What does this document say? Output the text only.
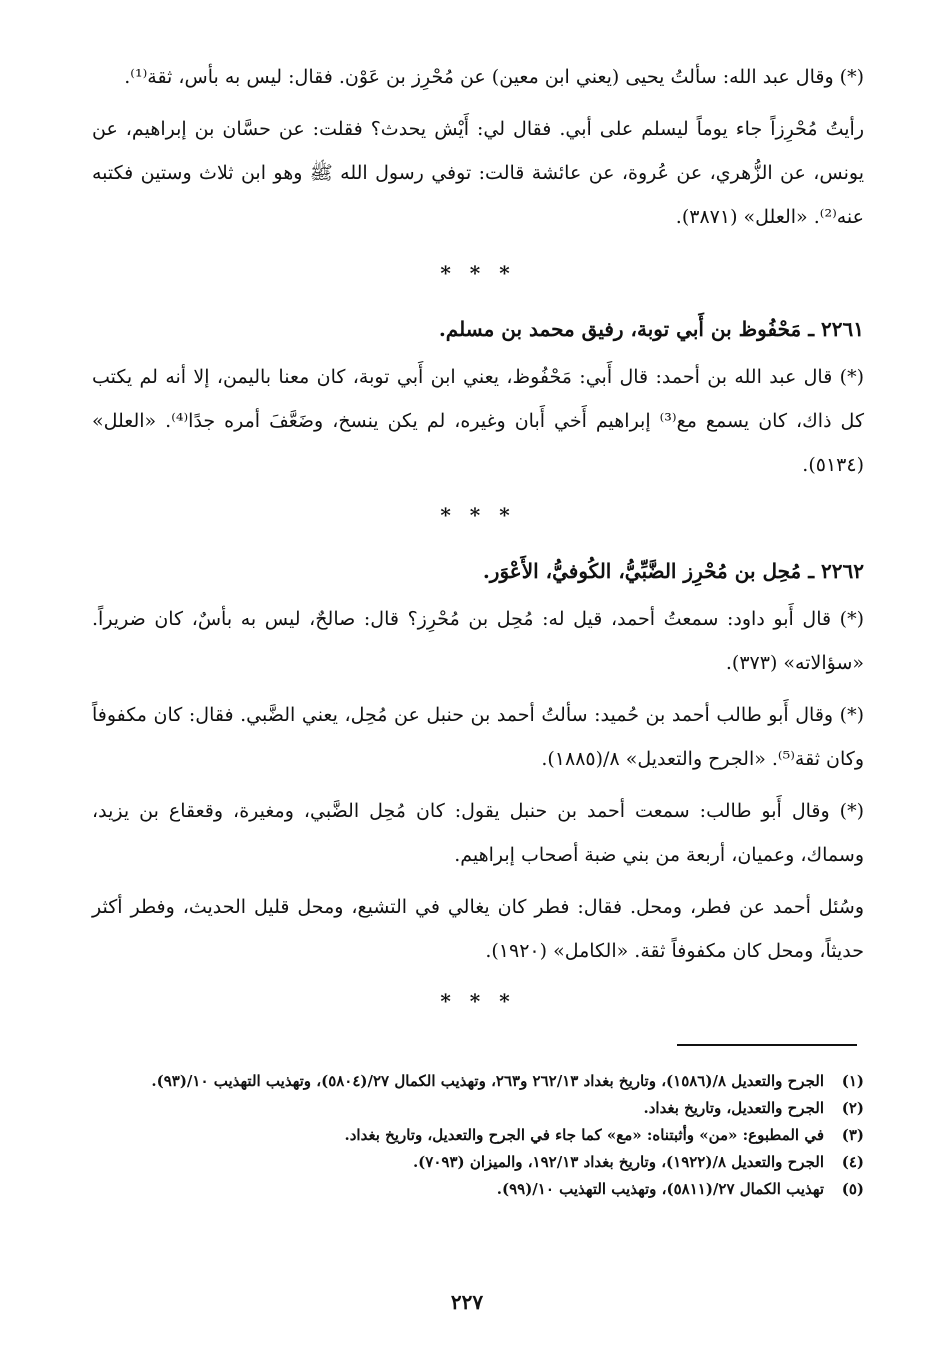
(*) وقال عبد الله: سألتُ يحيى (يعني ابن معين) عن مُحْرِز بن عَوْن. فقال: ليس به بأس، ثقة⁽¹⁾.

رأيتُ مُحْرِزاً جاء يوماً ليسلم على أبي. فقال لي: أَيْش يحدث؟ فقلت: عن حسَّان بن إبراهيم، عن يونس، عن الزُّهري، عن عُروة، عن عائشة قالت: توفي رسول الله ﷺ وهو ابن ثلاث وستين فكتبه عنه⁽²⁾. «العلل» (٣٨٧١).

* * *
٢٢٦١ ـ مَحْفُوظ بن أَبي توبة، رفيق محمد بن مسلم.

(*) قال عبد الله بن أحمد: قال أَبي: مَحْفُوظ، يعني ابن أَبي توبة، كان معنا باليمن، إلا أنه لم يكتب كل ذاك، كان يسمع مع⁽³⁾ إبراهيم أَخي أَبان وغيره، لم يكن ينسخ، وضَعَّفَ أمره جدًا⁽⁴⁾. «العلل» (٥١٣٤).

* * *
٢٢٦٢ ـ مُحِل بن مُحْرِز الضَّبِّيُّ، الكُوفيُّ، الأَعْوَر.

(*) قال أَبو داود: سمعتُ أحمد، قيل له: مُحِل بن مُحْرِز؟ قال: صالحٌ، ليس به بأسٌ، كان ضريراً. «سؤالاته» (٣٧٣).

(*) وقال أَبو طالب أحمد بن حُميد: سألتُ أحمد بن حنبل عن مُحِل، يعني الضَّبي. فقال: كان مكفوفاً وكان ثقة⁽⁵⁾. «الجرح والتعديل» ٨/(١٨٨٥).

(*) وقال أَبو طالب: سمعت أحمد بن حنبل يقول: كان مُحِل الضَّبي، ومغيرة، وقعقاع بن يزيد، وسماك، وعميان، أربعة من بني ضبة أصحاب إبراهيم.

وسُئل أحمد عن فطر، ومحل. فقال: فطر كان يغالي في التشيع، ومحل قليل الحديث، وفطر أكثر حديثاً، ومحل كان مكفوفاً ثقة. «الكامل» (١٩٢٠).

* * *
(١)
الجرح والتعديل ٨/(١٥٨٦)، وتاريخ بغداد ٢٦٢/١٣ و٢٦٣، وتهذيب الكمال ٢٧/(٥٨٠٤)، وتهذيب التهذيب ١٠/(٩٣).
(٢)
الجرح والتعديل، وتاريخ بغداد.
(٣)
في المطبوع: «من» وأثبتناه: «مع» كما جاء في الجرح والتعديل، وتاريخ بغداد.
(٤)
الجرح والتعديل ٨/(١٩٢٢)، وتاريخ بغداد ١٩٢/١٣، والميزان (٧٠٩٣).
(٥)
تهذيب الكمال ٢٧/(٥٨١١)، وتهذيب التهذيب ١٠/(٩٩).
٢٢٧
